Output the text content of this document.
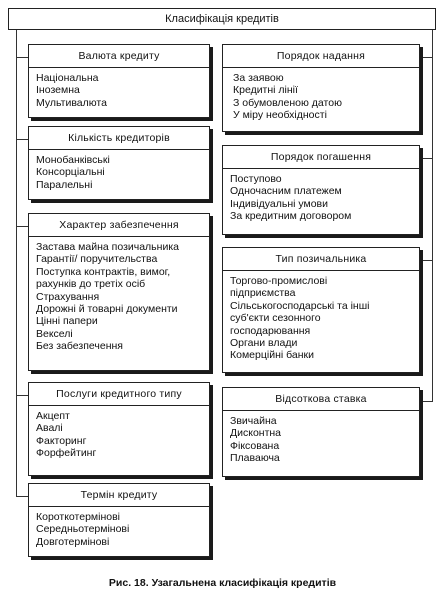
Класифікація кредитів
Валюта кредиту
Національна
Іноземна
Мультивалюта
Кількість кредиторів
Монобанківські
Консорціальні
Паралельні
Характер забезпечення
Застава майна позичальника
Гарантії/ поручительства
Поступка контрактів, вимог,
рахунків до третіх осіб
Страхування
Дорожні й товарні документи
Цінні папери
Векселі
Без забезпечення
Послуги кредитного типу
Акцепт
Авалі
Факторинг
Форфейтинг
Термін кредиту
Короткотермінові
Середньотермінові
Довготермінові
Порядок надання
За заявою
Кредитні лінії
З обумовленою датою
У міру необхідності
Порядок погашення
Поступово
Одночасним платежем
Індивідуальні умови
За кредитним договором
Тип позичальника
Торгово-промислові
підприємства
Сільськогосподарські та інші
суб'єкти сезонного
господарювання
Органи влади
Комерційні банки
Відсоткова ставка
Звичайна
Дисконтна
Фіксована
Плаваюча
Рис. 18. Узагальнена класифікація кредитів
